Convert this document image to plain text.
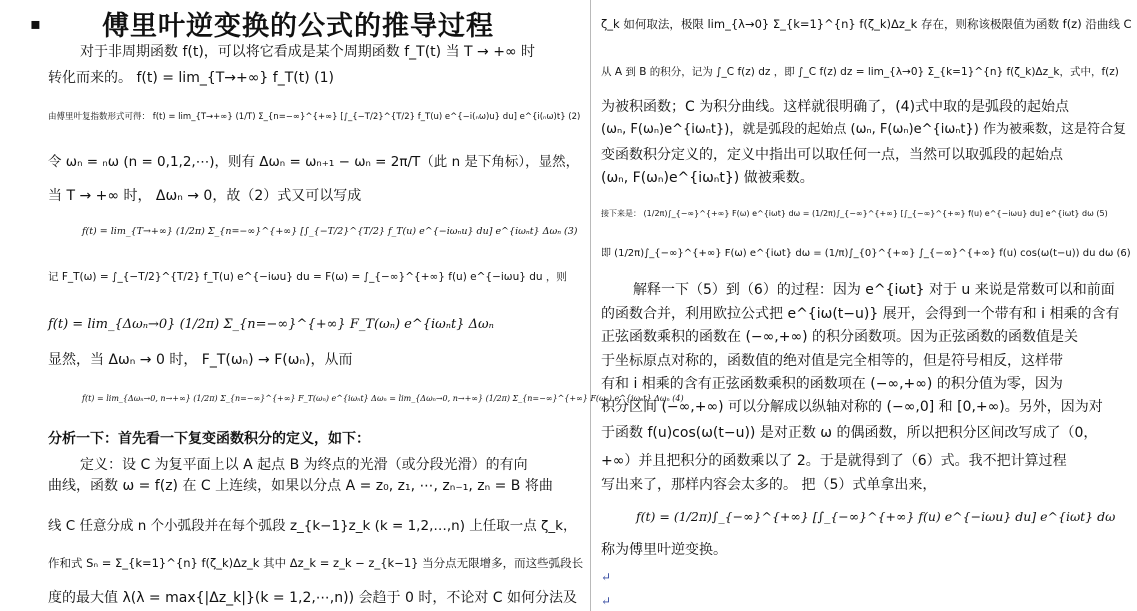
▪ 傅里叶逆变换的公式的推导过程
对于非周期函数 f(t)，可以将它看成是某个周期函数 f_T(t) 当 T → +∞ 时
转化而来的。 f(t) = lim_{T→+∞} f_T(t) (1)
由傅里叶复指数形式可得： f(t) = lim_{T→+∞} (1/T) Σ_{n=−∞}^{+∞} [∫_{−T/2}^{T/2} f_T(u) e^{−i(ₙω)u} du] e^{i(ₙω)t} (2)
令 ωₙ = ₙω (n = 0,1,2,⋯)，则有 Δωₙ = ωₙ₊₁ − ωₙ = 2π/T（此 n 是下角标），显然，
当 T → +∞ 时， Δωₙ → 0，故（2）式又可以写成
f(t) = lim_{T→+∞} (1/2π) Σ_{n=−∞}^{+∞} [∫_{−T/2}^{T/2} f_T(u) e^{−iωₙu} du] e^{iωₙt} Δωₙ (3)
记 F_T(ω) = ∫_{−T/2}^{T/2} f_T(u) e^{−iωu} du = F(ω) = ∫_{−∞}^{+∞} f(u) e^{−iωu} du ，则
f(t) = lim_{Δωₙ→0} (1/2π) Σ_{n=−∞}^{+∞} F_T(ωₙ) e^{iωₙt} Δωₙ
显然，当 Δωₙ → 0 时， F_T(ωₙ) → F(ωₙ)，从而
f(t) = lim_{Δωₙ→0, n→+∞} (1/2π) Σ_{n=−∞}^{+∞} F_T(ωₙ) e^{iωₙt} Δωₙ = lim_{Δωₙ→0, n→+∞} (1/2π) Σ_{n=−∞}^{+∞} F(ωₙ) e^{iωₙt} Δωₙ (4)
分析一下：首先看一下复变函数积分的定义，如下：
定义：设 C 为复平面上以 A 起点 B 为终点的光滑（或分段光滑）的有向
曲线，函数 ω = f(z) 在 C 上连续，如果以分点 A = z₀, z₁, ⋯, zₙ₋₁, zₙ = B 将曲
线 C 任意分成 n 个小弧段并在每个弧段 z_{k−1}z_k (k = 1,2,…,n) 上任取一点 ζ_k，
作和式 Sₙ = Σ_{k=1}^{n} f(ζ_k)Δz_k 其中 Δz_k = z_k − z_{k−1} 当分点无限增多，而这些弧段长
度的最大值 λ(λ = max{|Δz_k|}(k = 1,2,⋯,n)) 会趋于 0 时，不论对 C 如何分法及
ζ_k 如何取法，极限 lim_{λ→0} Σ_{k=1}^{n} f(ζ_k)Δz_k 存在，则称该极限值为函数 f(z) 沿曲线 C
从 A 到 B 的积分，记为 ∫_C f(z) dz ，即 ∫_C f(z) dz = lim_{λ→0} Σ_{k=1}^{n} f(ζ_k)Δz_k，式中，f(z)
为被积函数；C 为积分曲线。这样就很明确了，(4)式中取的是弧段的起始点
(ωₙ, F(ωₙ)e^{iωₙt})，就是弧段的起始点 (ωₙ, F(ωₙ)e^{iωₙt}) 作为被乘数，这是符合复
变函数积分定义的，定义中指出可以取任何一点，当然可以取弧段的起始点
(ωₙ, F(ωₙ)e^{iωₙt}) 做被乘数。
接下来是： (1/2π)∫_{−∞}^{+∞} F(ω) e^{iωt} dω = (1/2π)∫_{−∞}^{+∞} [∫_{−∞}^{+∞} f(u) e^{−iωu} du] e^{iωt} dω (5)
即 (1/2π)∫_{−∞}^{+∞} F(ω) e^{iωt} dω = (1/π)∫_{0}^{+∞} ∫_{−∞}^{+∞} f(u) cos(ω(t−u)) du dω (6)
解释一下（5）到（6）的过程：因为 e^{iωt} 对于 u 来说是常数可以和前面
的函数合并，利用欧拉公式把 e^{iω(t−u)} 展开，会得到一个带有和 i 相乘的含有
正弦函数乘积的函数在 (−∞,+∞) 的积分函数项。因为正弦函数的函数值是关
于坐标原点对称的，函数值的绝对值是完全相等的，但是符号相反，这样带
有和 i 相乘的含有正弦函数乘积的函数项在 (−∞,+∞) 的积分值为零，因为
积分区间 (−∞,+∞) 可以分解成以纵轴对称的 (−∞,0] 和 [0,+∞)。另外，因为对
于函数 f(u)cos(ω(t−u)) 是对正数 ω 的偶函数，所以把积分区间改写成了（0，
+∞）并且把积分的函数乘以了 2。于是就得到了（6）式。我不把计算过程
写出来了，那样内容会太多的。 把（5）式单拿出来，
f(t) = (1/2π)∫_{−∞}^{+∞} [∫_{−∞}^{+∞} f(u) e^{−iωu} du] e^{iωt} dω
称为傅里叶逆变换。
↵
↵
